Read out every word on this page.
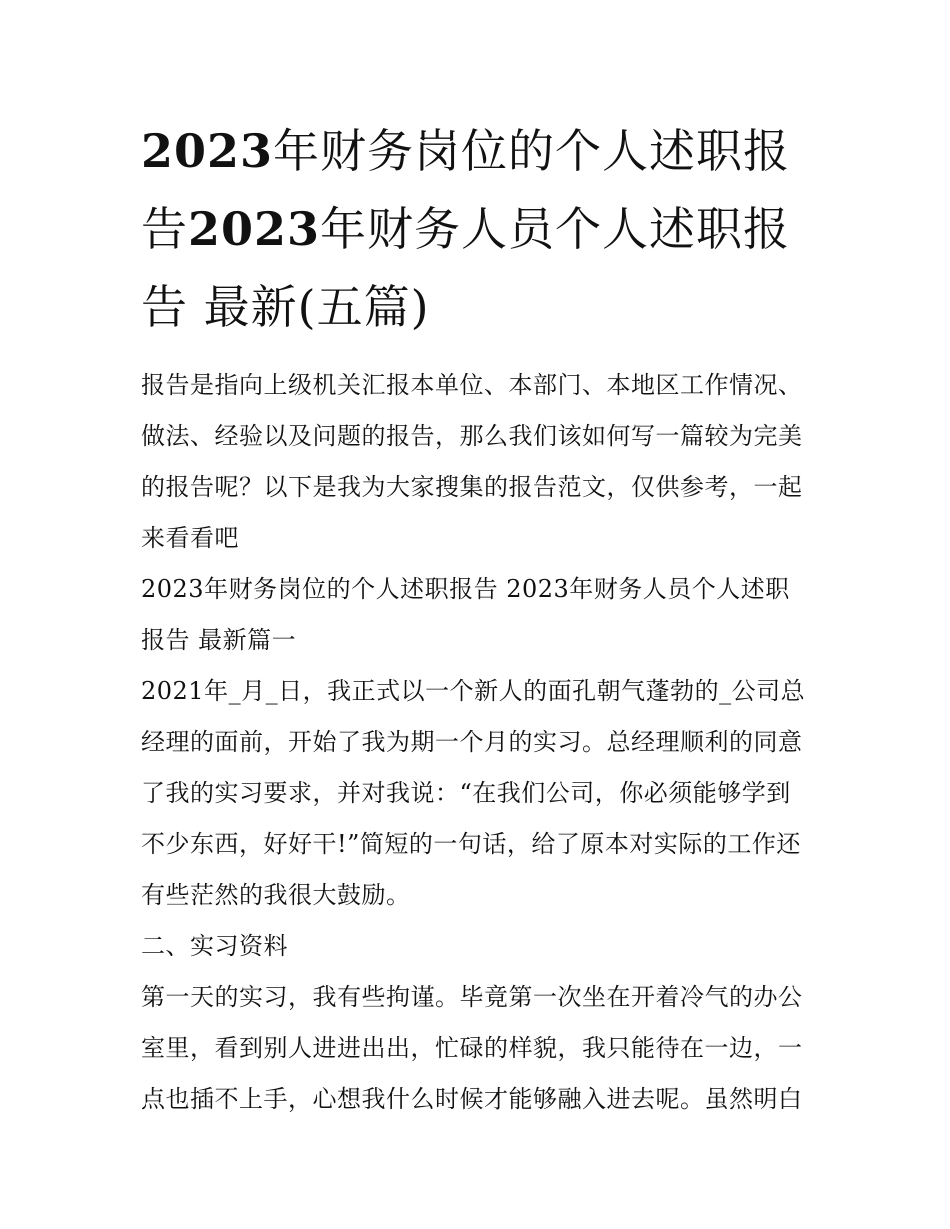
2023年财务岗位的个人述职报告2023年财务人员个人述职报告 最新(五篇)

报告是指向上级机关汇报本单位、本部门、本地区工作情况、做法、经验以及问题的报告，那么我们该如何写一篇较为完美的报告呢？以下是我为大家搜集的报告范文，仅供参考，一起来看看吧

2023年财务岗位的个人述职报告 2023年财务人员个人述职报告 最新篇一

2021年_月_日，我正式以一个新人的面孔朝气蓬勃的_公司总经理的面前，开始了我为期一个月的实习。总经理顺利的同意了我的实习要求，并对我说：“在我们公司，你必须能够学到不少东西，好好干!”简短的一句话，给了原本对实际的工作还有些茫然的我很大鼓励。

二、实习资料

第一天的实习，我有些拘谨。毕竟第一次坐在开着冷气的办公室里，看到别人进进出出，忙碌的样貌，我只能待在一边，一点也插不上手，心想我什么时候才能够融入进去呢。虽然明白
